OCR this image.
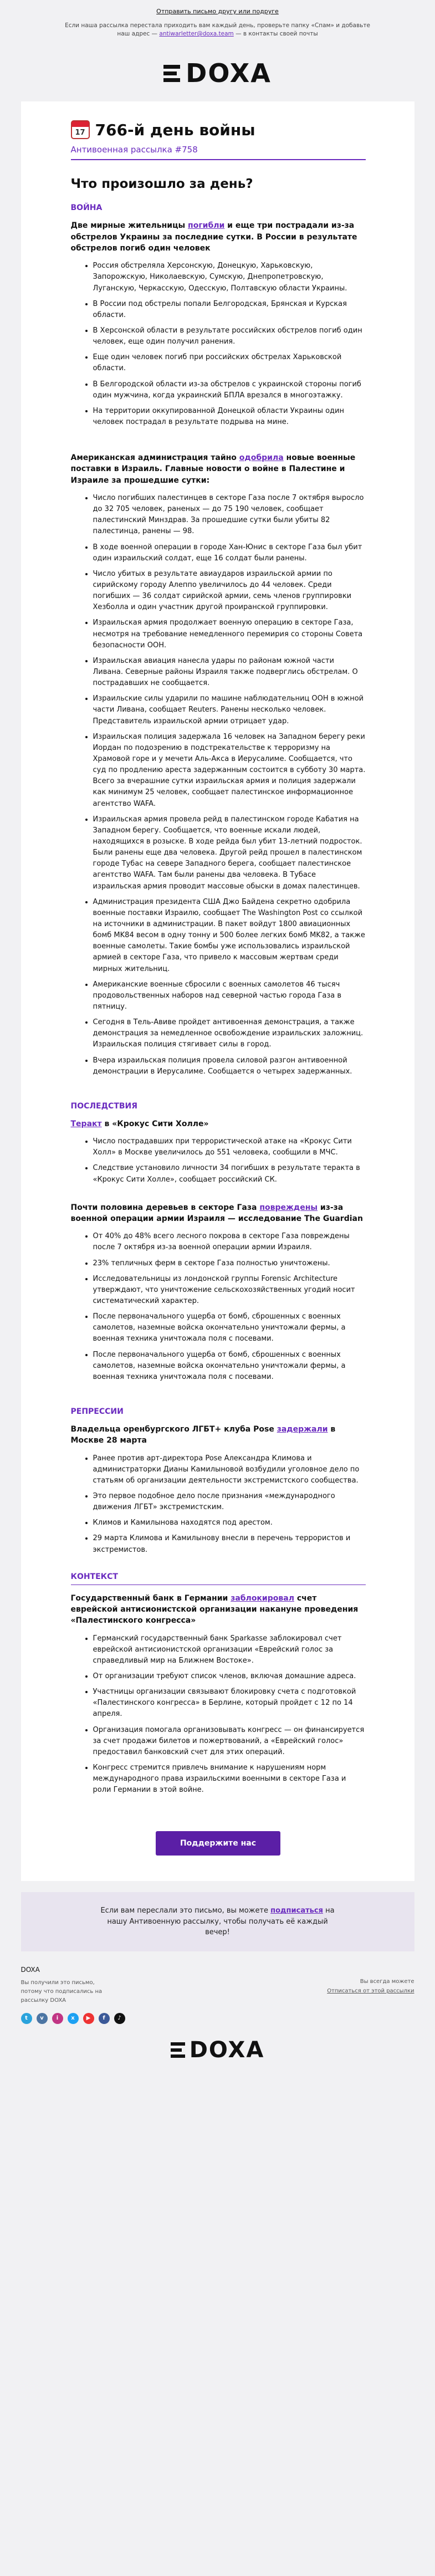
Отправить письмо другу или подруге
Если наша рассылка перестала приходить вам каждый день, проверьте папку «Спам» и добавьте наш адрес — antiwarletter@doxa.team — в контакты своей почты
DOXA
17 766-й день войны
Антивоенная рассылка #758
Что произошло за день?
ВОЙНА

Две мирные жительницы погибли и еще три пострадали из-за обстрелов Украины за последние сутки. В России в результате обстрелов погиб один человек

• Россия обстреляла Херсонскую, Донецкую, Харьковскую, Запорожскую, Николаевскую, Сумскую, Днепропетровскую, Луганскую, Черкасскую, Одесскую, Полтавскую области Украины.
• В России под обстрелы попали Белгородская, Брянская и Курская области.
• В Херсонской области в результате российских обстрелов погиб один человек, еще один получил ранения.
• Еще один человек погиб при российских обстрелах Харьковской области.
• В Белгородской области из-за обстрелов с украинской стороны погиб один мужчина, когда украинский БПЛА врезался в многоэтажку.
• На территории оккупированной Донецкой области Украины один человек пострадал в результате подрыва на мине.

Американская администрация тайно одобрила новые военные поставки в Израиль. Главные новости о войне в Палестине и Израиле за прошедшие сутки:

• Число погибших палестинцев в секторе Газа после 7 октября выросло до 32 705 человек, раненых — до 75 190 человек, сообщает палестинский Минздрав. За прошедшие сутки были убиты 82 палестинца, ранены — 98.
• В ходе военной операции в городе Хан-Юнис в секторе Газа был убит один израильский солдат, еще 16 солдат были ранены.
• Число убитых в результате авиаударов израильской армии по сирийскому городу Алеппо увеличилось до 44 человек. Среди погибших — 36 солдат сирийской армии, семь членов группировки Хезболла и один участник другой проиранской группировки.
• Израильская армия продолжает военную операцию в секторе Газа, несмотря на требование немедленного перемирия со стороны Совета безопасности ООН.
• Израильская авиация нанесла удары по районам южной части Ливана. Северные районы Израиля также подверглись обстрелам. О пострадавших не сообщается.
• Израильские силы ударили по машине наблюдательниц ООН в южной части Ливана, сообщает Reuters. Ранены несколько человек. Представитель израильской армии отрицает удар.
• Израильская полиция задержала 16 человек на Западном берегу реки Иордан по подозрению в подстрекательстве к терроризму на Храмовой горе и у мечети Аль-Акса в Иерусалиме. Сообщается, что суд по продлению ареста задержанным состоится в субботу 30 марта. Всего за вчерашние сутки израильская армия и полиция задержали как минимум 25 человек, сообщает палестинское информационное агентство WAFA.
• Израильская армия провела рейд в палестинском городе Кабатия на Западном берегу. Сообщается, что военные искали людей, находящихся в розыске. В ходе рейда был убит 13-летний подросток. Были ранены еще два человека. Другой рейд прошел в палестинском городе Тубас на севере Западного берега, сообщает палестинское агентство WAFA. Там были ранены два человека. В Тубасе израильская армия проводит массовые обыски в домах палестинцев.
• Администрация президента США Джо Байдена секретно одобрила военные поставки Израилю, сообщает The Washington Post со ссылкой на источники в администрации. В пакет войдут 1800 авиационных бомб MK84 весом в одну тонну и 500 более легких бомб MK82, а также военные самолеты. Такие бомбы уже использовались израильской армией в секторе Газа, что привело к массовым жертвам среди мирных жительниц.
• Американские военные сбросили с военных самолетов 46 тысяч продовольственных наборов над северной частью города Газа в пятницу.
• Сегодня в Тель-Авиве пройдет антивоенная демонстрация, а также демонстрация за немедленное освобождение израильских заложниц. Израильская полиция стягивает силы в город.
• Вчера израильская полиция провела силовой разгон антивоенной демонстрации в Иерусалиме. Сообщается о четырех задержанных.
ПОСЛЕДСТВИЯ

Теракт в «Крокус Сити Холле»

• Число пострадавших при террористической атаке на «Крокус Сити Холл» в Москве увеличилось до 551 человека, сообщили в МЧС.
• Следствие установило личности 34 погибших в результате теракта в «Крокус Сити Холле», сообщает российский СК.

Почти половина деревьев в секторе Газа повреждены из-за военной операции армии Израиля — исследование The Guardian

• От 40% до 48% всего лесного покрова в секторе Газа повреждены после 7 октября из-за военной операции армии Израиля.
• 23% тепличных ферм в секторе Газа полностью уничтожены.
• Исследовательницы из лондонской группы Forensic Architecture утверждают, что уничтожение сельскохозяйственных угодий носит систематический характер.
• После первоначального ущерба от бомб, сброшенных с военных самолетов, наземные войска окончательно уничтожали фермы, а военная техника уничтожала поля с посевами.
• После первоначального ущерба от бомб, сброшенных с военных самолетов, наземные войска окончательно уничтожали фермы, а военная техника уничтожала поля с посевами.
РЕПРЕССИИ

Владельца оренбургского ЛГБТ+ клуба Pose задержали в Москве 28 марта

• Ранее против арт-директора Pose Александра Климова и администраторки Дианы Камилыновой возбудили уголовное дело по статьям об организации деятельности экстремистского сообщества.
• Это первое подобное дело после признания «международного движения ЛГБТ» экстремистским.
• Климов и Камилынова находятся под арестом.
• 29 марта Климова и Камилынову внесли в перечень террористов и экстремистов.
КОНТЕКСТ

Государственный банк в Германии заблокировал счет еврейской антисионистской организации накануне проведения «Палестинского конгресса»

• Германский государственный банк Sparkasse заблокировал счет еврейской антисионистской организации «Еврейский голос за справедливый мир на Ближнем Востоке».
• От организации требуют список членов, включая домашние адреса.
• Участницы организации связывают блокировку счета с подготовкой «Палестинского конгресса» в Берлине, который пройдет с 12 по 14 апреля.
• Организация помогала организовывать конгресс — он финансируется за счет продажи билетов и пожертвований, а «Еврейский голос» предоставил банковский счет для этих операций.
• Конгресс стремится привлечь внимание к нарушениям норм международного права израильскими военными в секторе Газа и роли Германии в этой войне.
Поддержите нас
Если вам переслали это письмо, вы можете подписаться на нашу Антивоенную рассылку, чтобы получать её каждый вечер!
DOXA
Вы получили это письмо, потому что подписались на рассылку DOXA
t	v	i	x	▶	f	♪
Вы всегда можете
Отписаться от этой рассылки
DOXA
